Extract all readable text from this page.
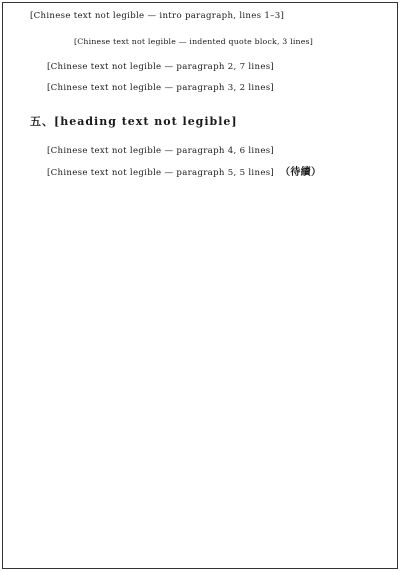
[Chinese text not legible — intro paragraph, lines 1–3]

[Chinese text not legible — indented quote block, 3 lines]

[Chinese text not legible — paragraph 2, 7 lines]

[Chinese text not legible — paragraph 3, 2 lines]

五、[heading text not legible]

[Chinese text not legible — paragraph 4, 6 lines]

[Chinese text not legible — paragraph 5, 5 lines] （待續）
